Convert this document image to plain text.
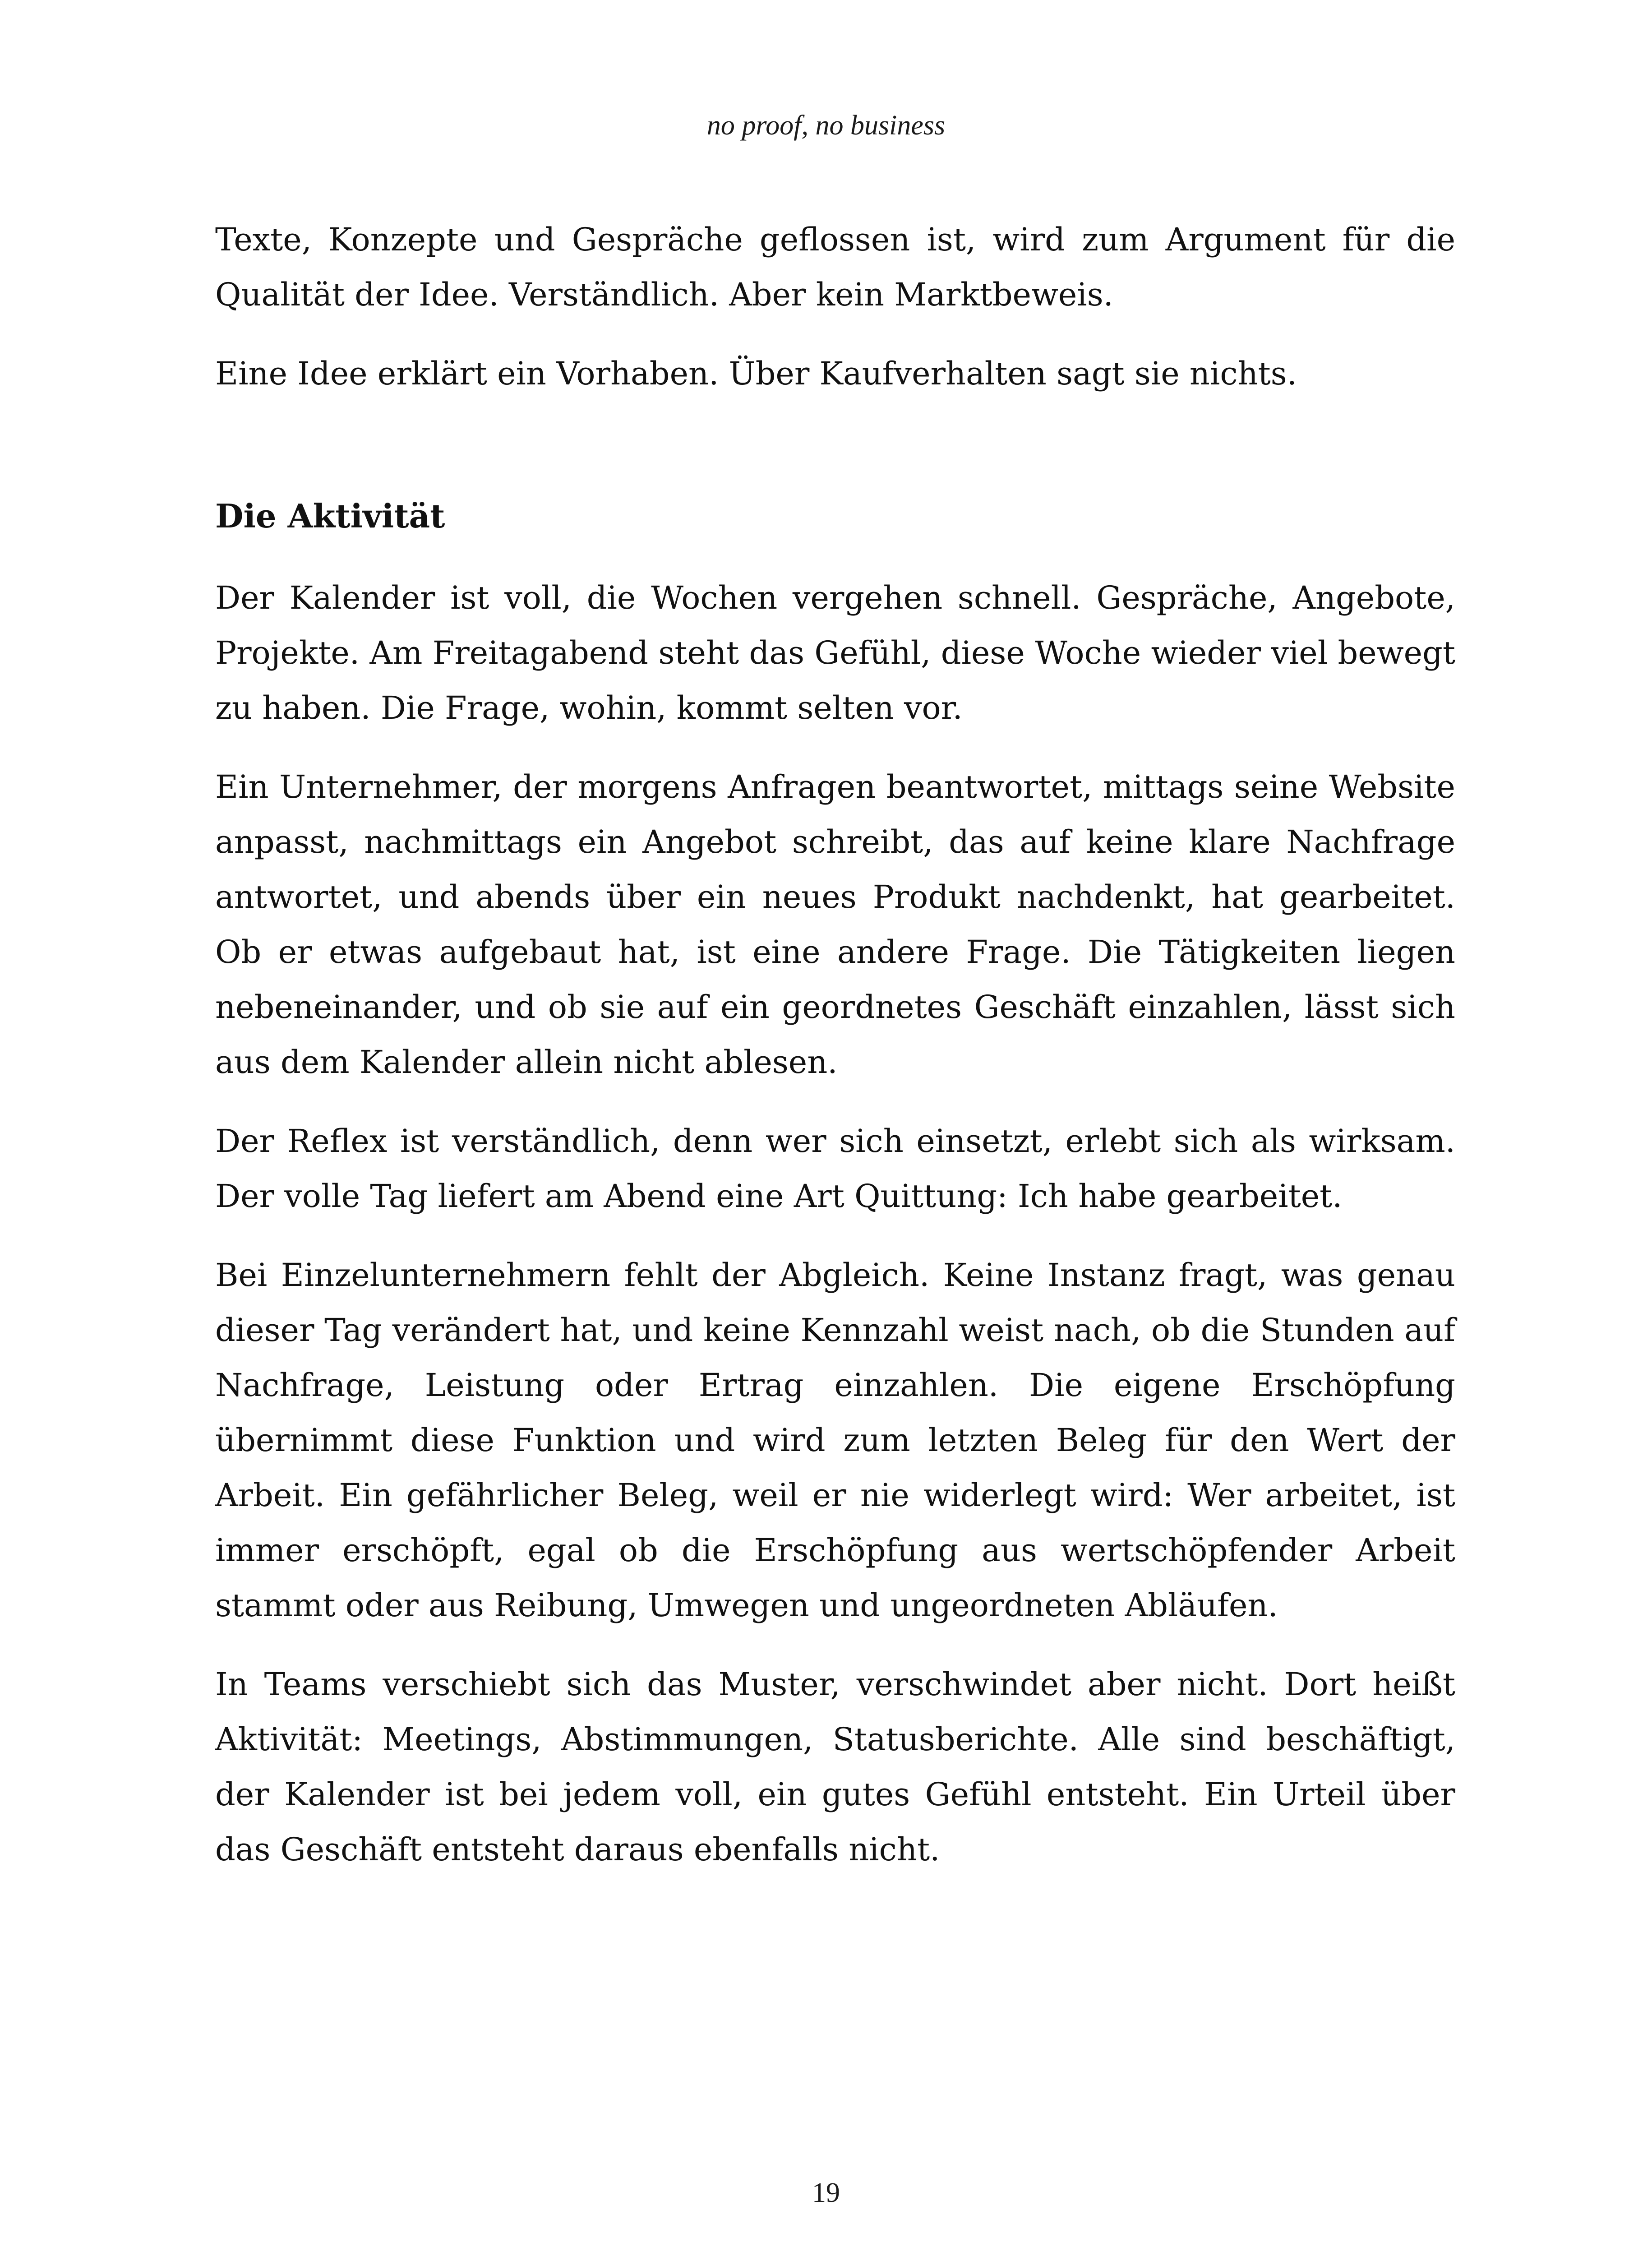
no proof, no business

Texte, Konzepte und Gespräche geflossen ist, wird zum Argument für die Qualität der Idee. Verständlich. Aber kein Marktbeweis.

Eine Idee erklärt ein Vorhaben. Über Kaufverhalten sagt sie nichts.

Die Aktivität

Der Kalender ist voll, die Wochen vergehen schnell. Gespräche, Angebote, Projekte. Am Freitagabend steht das Gefühl, diese Woche wieder viel bewegt zu haben. Die Frage, wohin, kommt selten vor.

Ein Unternehmer, der morgens Anfragen beantwortet, mittags seine Website anpasst, nachmittags ein Angebot schreibt, das auf keine klare Nachfrage antwortet, und abends über ein neues Produkt nachdenkt, hat gearbeitet. Ob er etwas aufgebaut hat, ist eine andere Frage. Die Tätigkeiten liegen nebeneinander, und ob sie auf ein geordnetes Geschäft einzahlen, lässt sich aus dem Kalender allein nicht ablesen.

Der Reflex ist verständlich, denn wer sich einsetzt, erlebt sich als wirksam. Der volle Tag liefert am Abend eine Art Quittung: Ich habe gearbeitet.

Bei Einzelunternehmern fehlt der Abgleich. Keine Instanz fragt, was genau dieser Tag verändert hat, und keine Kennzahl weist nach, ob die Stunden auf Nachfrage, Leistung oder Ertrag einzahlen. Die eigene Erschöpfung übernimmt diese Funktion und wird zum letzten Beleg für den Wert der Arbeit. Ein gefährlicher Beleg, weil er nie widerlegt wird: Wer arbeitet, ist immer erschöpft, egal ob die Erschöpfung aus wertschöpfender Arbeit stammt oder aus Reibung, Umwegen und ungeordneten Abläufen.

In Teams verschiebt sich das Muster, verschwindet aber nicht. Dort heißt Aktivität: Meetings, Abstimmungen, Statusberichte. Alle sind beschäftigt, der Kalender ist bei jedem voll, ein gutes Gefühl entsteht. Ein Urteil über das Geschäft entsteht daraus ebenfalls nicht.

19
